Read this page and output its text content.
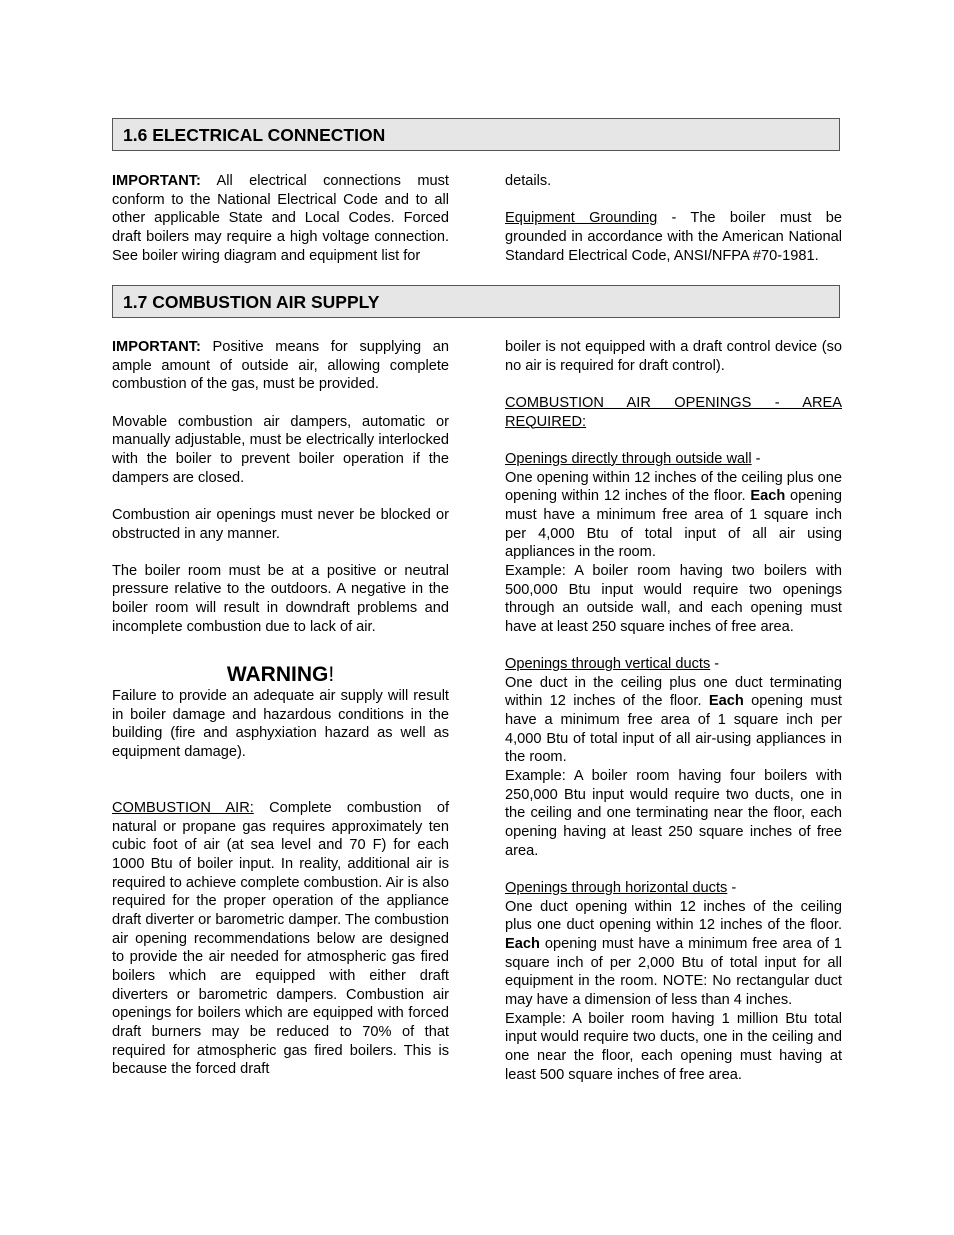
1.6 ELECTRICAL CONNECTION

IMPORTANT: All electrical connections must conform to the National Electrical Code and to all other applicable State and Local Codes. Forced draft boilers may require a high voltage connection. See boiler wiring diagram and equipment list for

details.

Equipment Grounding - The boiler must be grounded in accordance with the American National Standard Electrical Code, ANSI/NFPA #70-1981.

1.7 COMBUSTION AIR SUPPLY

IMPORTANT: Positive means for supplying an ample amount of outside air, allowing complete combustion of the gas, must be provided.

Movable combustion air dampers, automatic or manually adjustable, must be electrically interlocked with the boiler to prevent boiler operation if the dampers are closed.

Combustion air openings must never be blocked or obstructed in any manner.

The boiler room must be at a positive or neutral pressure relative to the outdoors. A negative in the boiler room will result in downdraft problems and incomplete combustion due to lack of air.

WARNING!

Failure to provide an adequate air supply will result in boiler damage and hazardous conditions in the building (fire and asphyxiation hazard as well as equipment damage).

COMBUSTION AIR: Complete combustion of natural or propane gas requires approximately ten cubic foot of air (at sea level and 70 F) for each 1000 Btu of boiler input. In reality, additional air is required to achieve complete combustion. Air is also required for the proper operation of the appliance draft diverter or barometric damper. The combustion air opening recommendations below are designed to provide the air needed for atmospheric gas fired boilers which are equipped with either draft diverters or barometric dampers. Combustion air openings for boilers which are equipped with forced draft burners may be reduced to 70% of that required for atmospheric gas fired boilers. This is because the forced draft

boiler is not equipped with a draft control device (so no air is required for draft control).

COMBUSTION AIR OPENINGS - AREA

REQUIRED:

Openings directly through outside wall -

One opening within 12 inches of the ceiling plus one opening within 12 inches of the floor. Each opening must have a minimum free area of 1 square inch per 4,000 Btu of total input of all air using appliances in the room.

Example: A boiler room having two boilers with 500,000 Btu input would require two openings through an outside wall, and each opening must have at least 250 square inches of free area.

Openings through vertical ducts -

One duct in the ceiling plus one duct terminating within 12 inches of the floor. Each opening must have a minimum free area of 1 square inch per 4,000 Btu of total input of all air-using appliances in the room.

Example: A boiler room having four boilers with 250,000 Btu input would require two ducts, one in the ceiling and one terminating near the floor, each opening having at least 250 square inches of free area.

Openings through horizontal ducts -

One duct opening within 12 inches of the ceiling plus one duct opening within 12 inches of the floor. Each opening must have a minimum free area of 1 square inch of per 2,000 Btu of total input for all equipment in the room. NOTE: No rectangular duct may have a dimension of less than 4 inches.

Example: A boiler room having 1 million Btu total input would require two ducts, one in the ceiling and one near the floor, each opening must having at least 500 square inches of free area.
